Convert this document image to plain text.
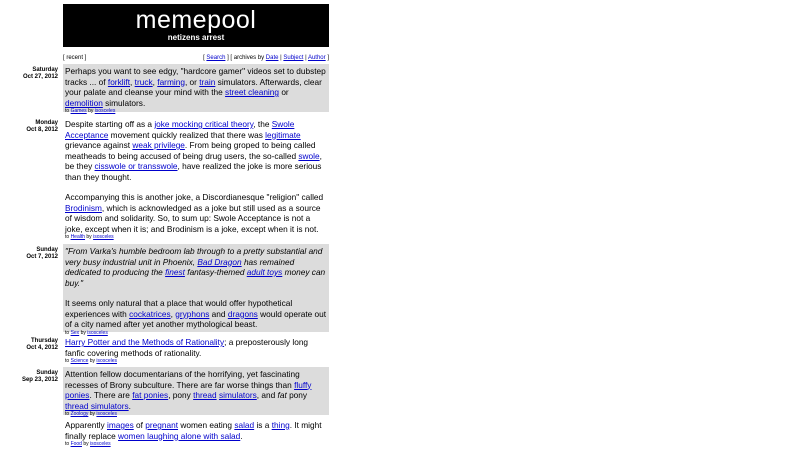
memepool
netizens arrest
[ recent ]	[ Search ] [ archives by Date | Subject | Author ]
Saturday
Oct 27, 2012

Perhaps you want to see edgy, "hardcore gamer" videos set to dubstep tracks ... of forklift, truck, farming, or train simulators. Afterwards, clear your palate and cleanse your mind with the street cleaning or demolition simulators.

to Games by isosceles
Monday
Oct 8, 2012

Despite starting off as a joke mocking critical theory, the Swole Acceptance movement quickly realized that there was legitimate grievance against weak privilege. From being groped to being called meatheads to being accused of being drug users, the so-called swole, be they cisswole or transswole, have realized the joke is more serious than they thought.

Accompanying this is another joke, a Discordianesque "religion" called Brodinism, which is acknowledged as a joke but still used as a source of wisdom and solidarity. So, to sum up: Swole Acceptance is not a joke, except when it is; and Brodinism is a joke, except when it is not.

to Health by isosceles
Sunday
Oct 7, 2012

"From Varka's humble bedroom lab through to a pretty substantial and very busy industrial unit in Phoenix, Bad Dragon has remained dedicated to producing the finest fantasy-themed adult toys money can buy."

It seems only natural that a place that would offer hypothetical experiences with cockatrices, gryphons and dragons would operate out of a city named after yet another mythological beast.

to Sex by isosceles
Thursday
Oct 4, 2012

Harry Potter and the Methods of Rationality; a preposterously long fanfic covering methods of rationality.

to Science by isosceles
Sunday
Sep 23, 2012

Attention fellow documentarians of the horrifying, yet fascinating recesses of Brony subculture. There are far worse things than fluffy ponies. There are fat ponies, pony thread simulators, and fat pony thread simulators.

to Zoology by isosceles

Apparently images of pregnant women eating salad is a thing. It might finally replace women laughing alone with salad.

to Food by isosceles
